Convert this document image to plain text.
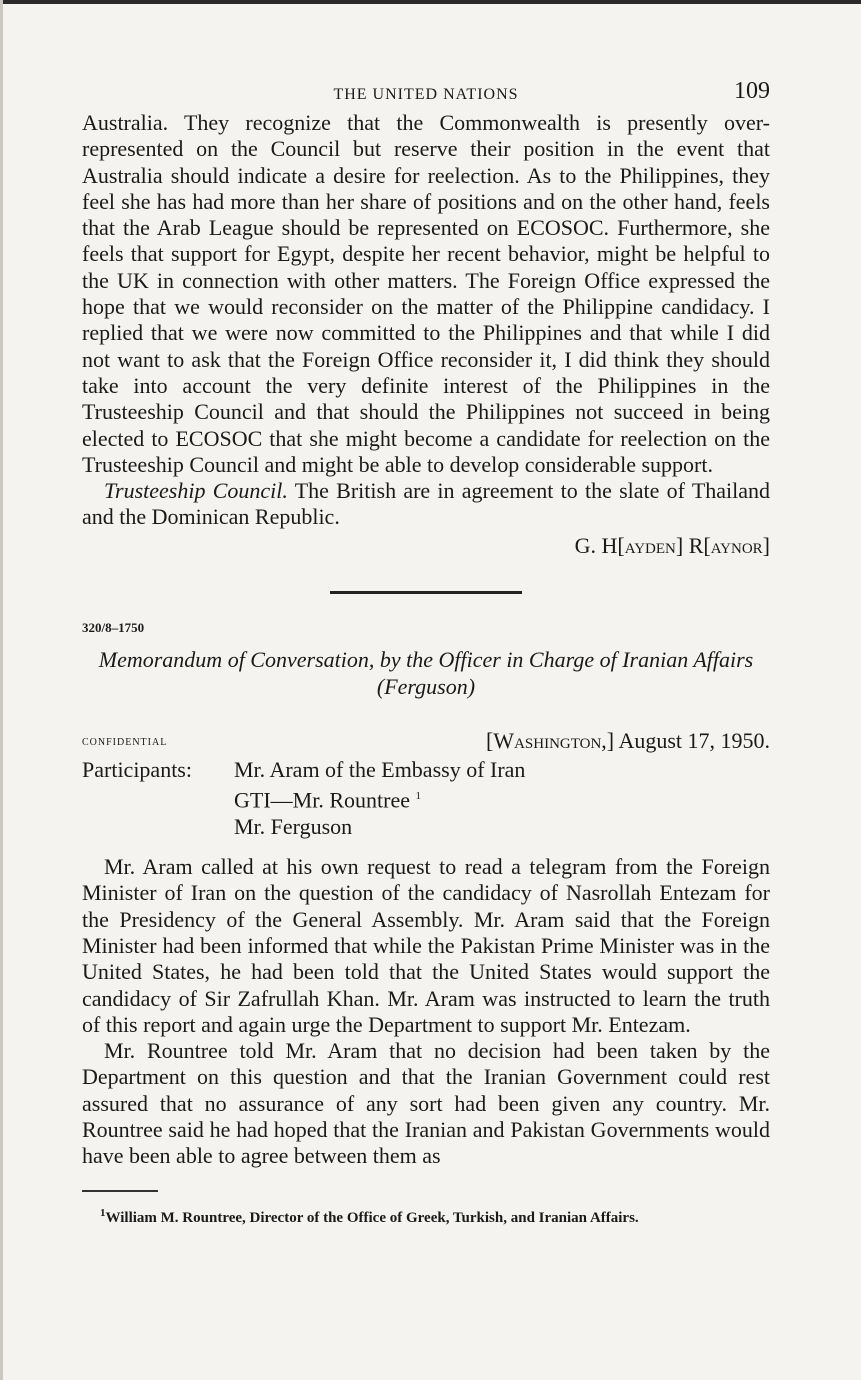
THE UNITED NATIONS	109

Australia. They recognize that the Commonwealth is presently over-represented on the Council but reserve their position in the event that Australia should indicate a desire for reelection. As to the Philippines, they feel she has had more than her share of positions and on the other hand, feels that the Arab League should be represented on ECOSOC. Furthermore, she feels that support for Egypt, despite her recent behavior, might be helpful to the UK in connection with other matters. The Foreign Office expressed the hope that we would reconsider on the matter of the Philippine candidacy. I replied that we were now committed to the Philippines and that while I did not want to ask that the Foreign Office reconsider it, I did think they should take into account the very definite interest of the Philippines in the Trusteeship Council and that should the Philippines not succeed in being elected to ECOSOC that she might become a candidate for reelection on the Trusteeship Council and might be able to develop considerable support.

Trusteeship Council. The British are in agreement to the slate of Thailand and the Dominican Republic.

G. H[ayden] R[aynor]
320/8–1750
Memorandum of Conversation, by the Officer in Charge of Iranian Affairs (Ferguson)
confidential	[Washington,] August 17, 1950.
Participants:	Mr. Aram of the Embassy of Iran
GTI—Mr. Rountree $^1$
Mr. Ferguson

Mr. Aram called at his own request to read a telegram from the Foreign Minister of Iran on the question of the candidacy of Nasrollah Entezam for the Presidency of the General Assembly. Mr. Aram said that the Foreign Minister had been informed that while the Pakistan Prime Minister was in the United States, he had been told that the United States would support the candidacy of Sir Zafrullah Khan. Mr. Aram was instructed to learn the truth of this report and again urge the Department to support Mr. Entezam.

Mr. Rountree told Mr. Aram that no decision had been taken by the Department on this question and that the Iranian Government could rest assured that no assurance of any sort had been given any country. Mr. Rountree said he had hoped that the Iranian and Pakistan Governments would have been able to agree between them as

$^1$William M. Rountree, Director of the Office of Greek, Turkish, and Iranian Affairs.
